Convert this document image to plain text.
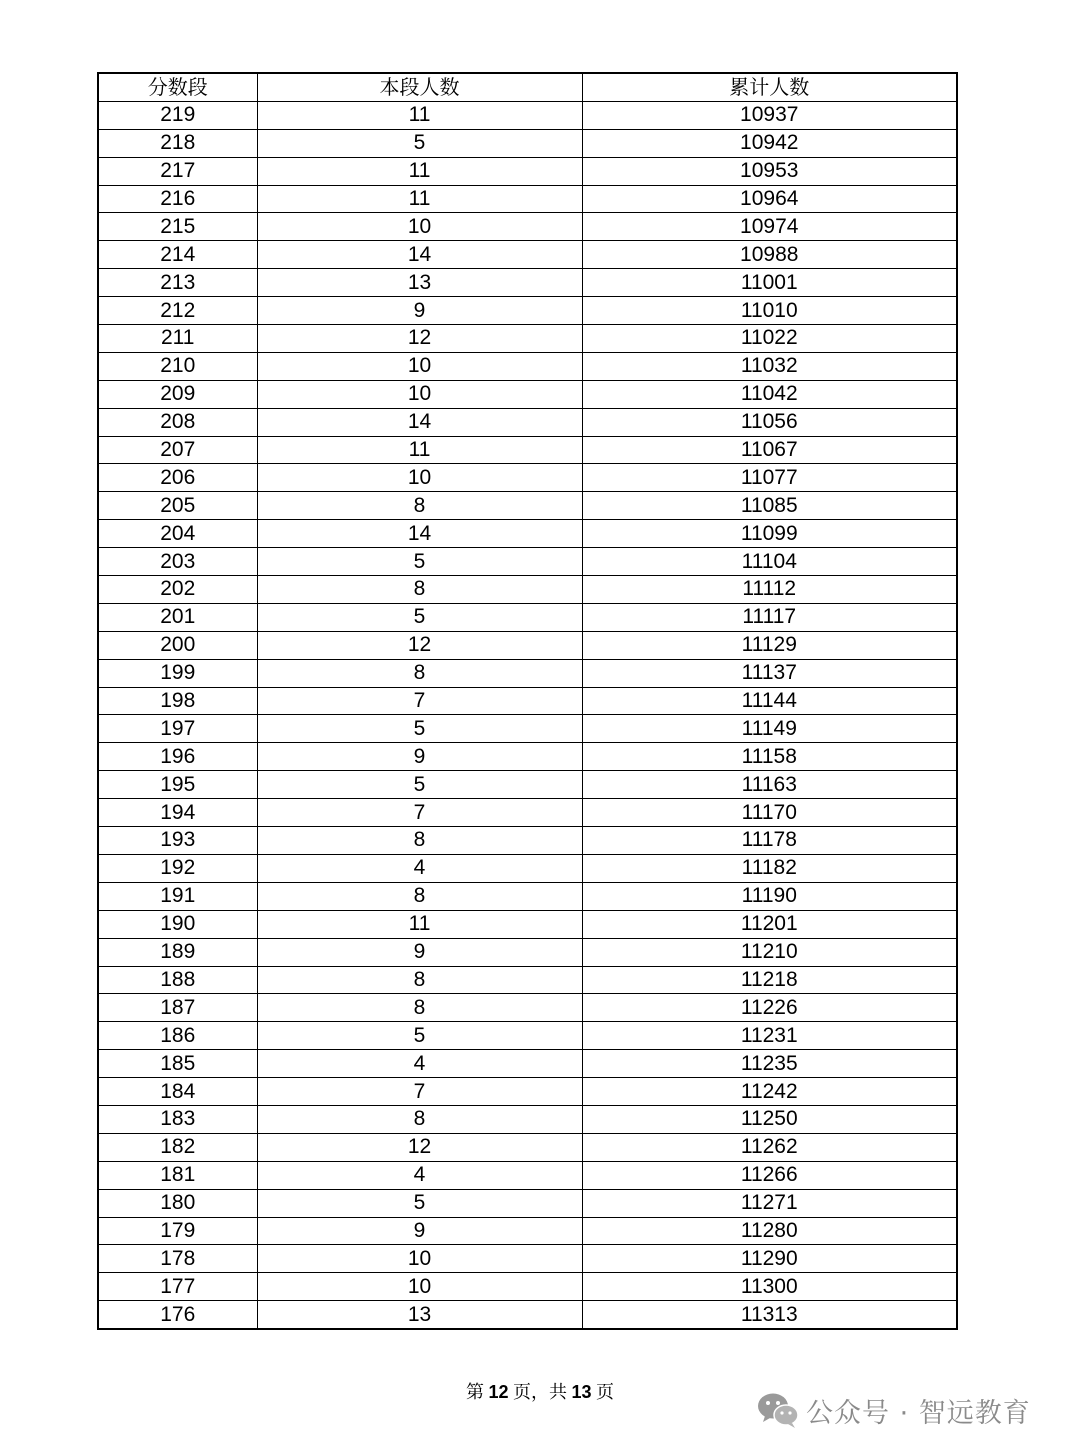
分数段	本段人数	累计人数
219	11	10937
218	5	10942
217	11	10953
216	11	10964
215	10	10974
214	14	10988
213	13	11001
212	9	11010
211	12	11022
210	10	11032
209	10	11042
208	14	11056
207	11	11067
206	10	11077
205	8	11085
204	14	11099
203	5	11104
202	8	11112
201	5	11117
200	12	11129
199	8	11137
198	7	11144
197	5	11149
196	9	11158
195	5	11163
194	7	11170
193	8	11178
192	4	11182
191	8	11190
190	11	11201
189	9	11210
188	8	11218
187	8	11226
186	5	11231
185	4	11235
184	7	11242
183	8	11250
182	12	11262
181	4	11266
180	5	11271
179	9	11280
178	10	11290
177	10	11300
176	13	11313
第 12 页，共 13 页
公众号 · 智远教育
